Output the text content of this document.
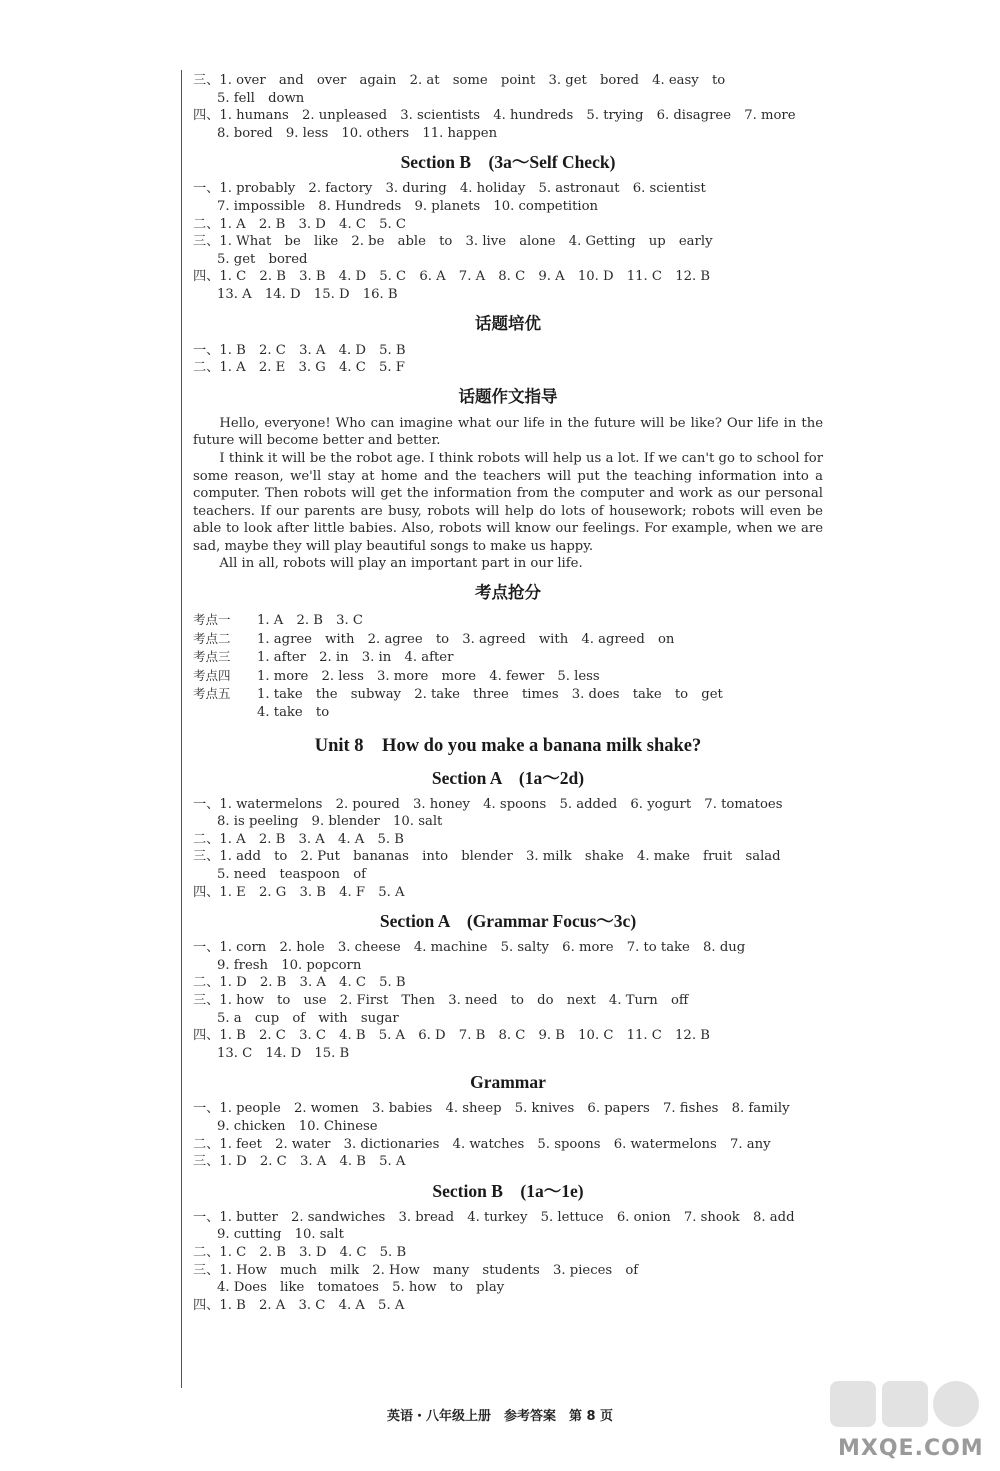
三、1. over　and　over　again　2. at　some　point　3. get　bored　4. easy　to
5. fell　down
四、1. humans　2. unpleased　3. scientists　4. hundreds　5. trying　6. disagree　7. more
8. bored　9. less　10. others　11. happen
Section B　(3a～Self Check)
一、1. probably　2. factory　3. during　4. holiday　5. astronaut　6. scientist
7. impossible　8. Hundreds　9. planets　10. competition
二、1. A　2. B　3. D　4. C　5. C
三、1. What　be　like　2. be　able　to　3. live　alone　4. Getting　up　early
5. get　bored
四、1. C　2. B　3. B　4. D　5. C　6. A　7. A　8. C　9. A　10. D　11. C　12. B
13. A　14. D　15. D　16. B
话题培优
一、1. B　2. C　3. A　4. D　5. B
二、1. A　2. E　3. G　4. C　5. F
话题作文指导

Hello, everyone! Who can imagine what our life in the future will be like? Our life in the future will become better and better.

I think it will be the robot age. I think robots will help us a lot. If we can't go to school for some reason, we'll stay at home and the teachers will put the teaching information into a computer. Then robots will get the information from the computer and work as our personal teachers. If our parents are busy, robots will help do lots of housework; robots will even be able to look after little babies. Also, robots will know our feelings. For example, when we are sad, maybe they will play beautiful songs to make us happy.

All in all, robots will play an important part in our life.

考点抢分
考点一 1. A　2. B　3. C
考点二 1. agree　with　2. agree　to　3. agreed　with　4. agreed　on
考点三 1. after　2. in　3. in　4. after
考点四 1. more　2. less　3. more　more　4. fewer　5. less
考点五 1. take　the　subway　2. take　three　times　3. does　take　to　get
4. take　to
Unit 8　How do you make a banana milk shake?
Section A　(1a～2d)
一、1. watermelons　2. poured　3. honey　4. spoons　5. added　6. yogurt　7. tomatoes
8. is peeling　9. blender　10. salt
二、1. A　2. B　3. A　4. A　5. B
三、1. add　to　2. Put　bananas　into　blender　3. milk　shake　4. make　fruit　salad
5. need　teaspoon　of
四、1. E　2. G　3. B　4. F　5. A
Section A　(Grammar Focus～3c)
一、1. corn　2. hole　3. cheese　4. machine　5. salty　6. more　7. to take　8. dug
9. fresh　10. popcorn
二、1. D　2. B　3. A　4. C　5. B
三、1. how　to　use　2. First　Then　3. need　to　do　next　4. Turn　off
5. a　cup　of　with　sugar
四、1. B　2. C　3. C　4. B　5. A　6. D　7. B　8. C　9. B　10. C　11. C　12. B
13. C　14. D　15. B
Grammar
一、1. people　2. women　3. babies　4. sheep　5. knives　6. papers　7. fishes　8. family
9. chicken　10. Chinese
二、1. feet　2. water　3. dictionaries　4. watches　5. spoons　6. watermelons　7. any
三、1. D　2. C　3. A　4. B　5. A
Section B　(1a～1e)
一、1. butter　2. sandwiches　3. bread　4. turkey　5. lettuce　6. onion　7. shook　8. add
9. cutting　10. salt
二、1. C　2. B　3. D　4. C　5. B
三、1. How　much　milk　2. How　many　students　3. pieces　of
4. Does　like　tomatoes　5. how　to　play
四、1. B　2. A　3. C　4. A　5. A
英语・八年级上册　参考答案　第 8 页
MXQE.COM
